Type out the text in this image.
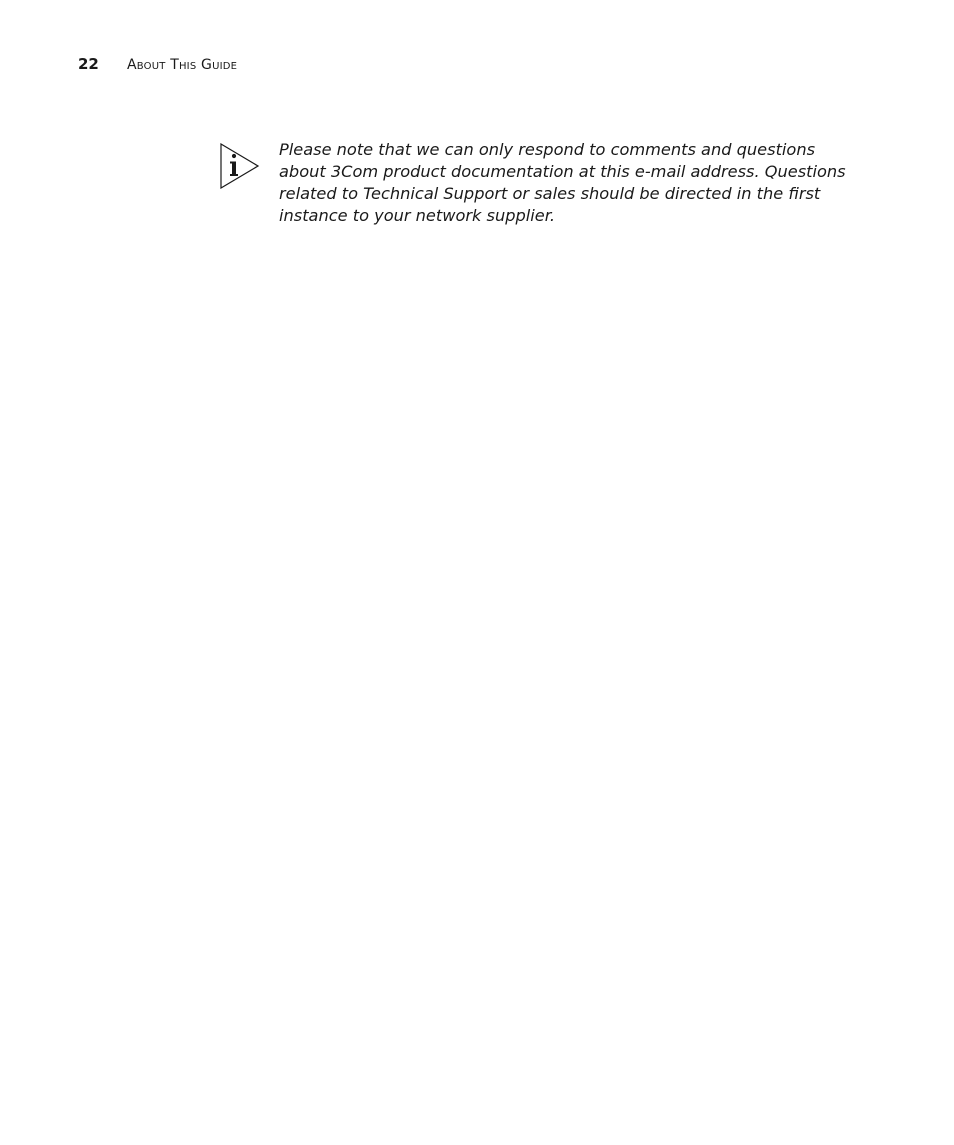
22	About This Guide
Please note that we can only respond to comments and questions about 3Com product documentation at this e-mail address. Questions related to Technical Support or sales should be directed in the first instance to your network supplier.
